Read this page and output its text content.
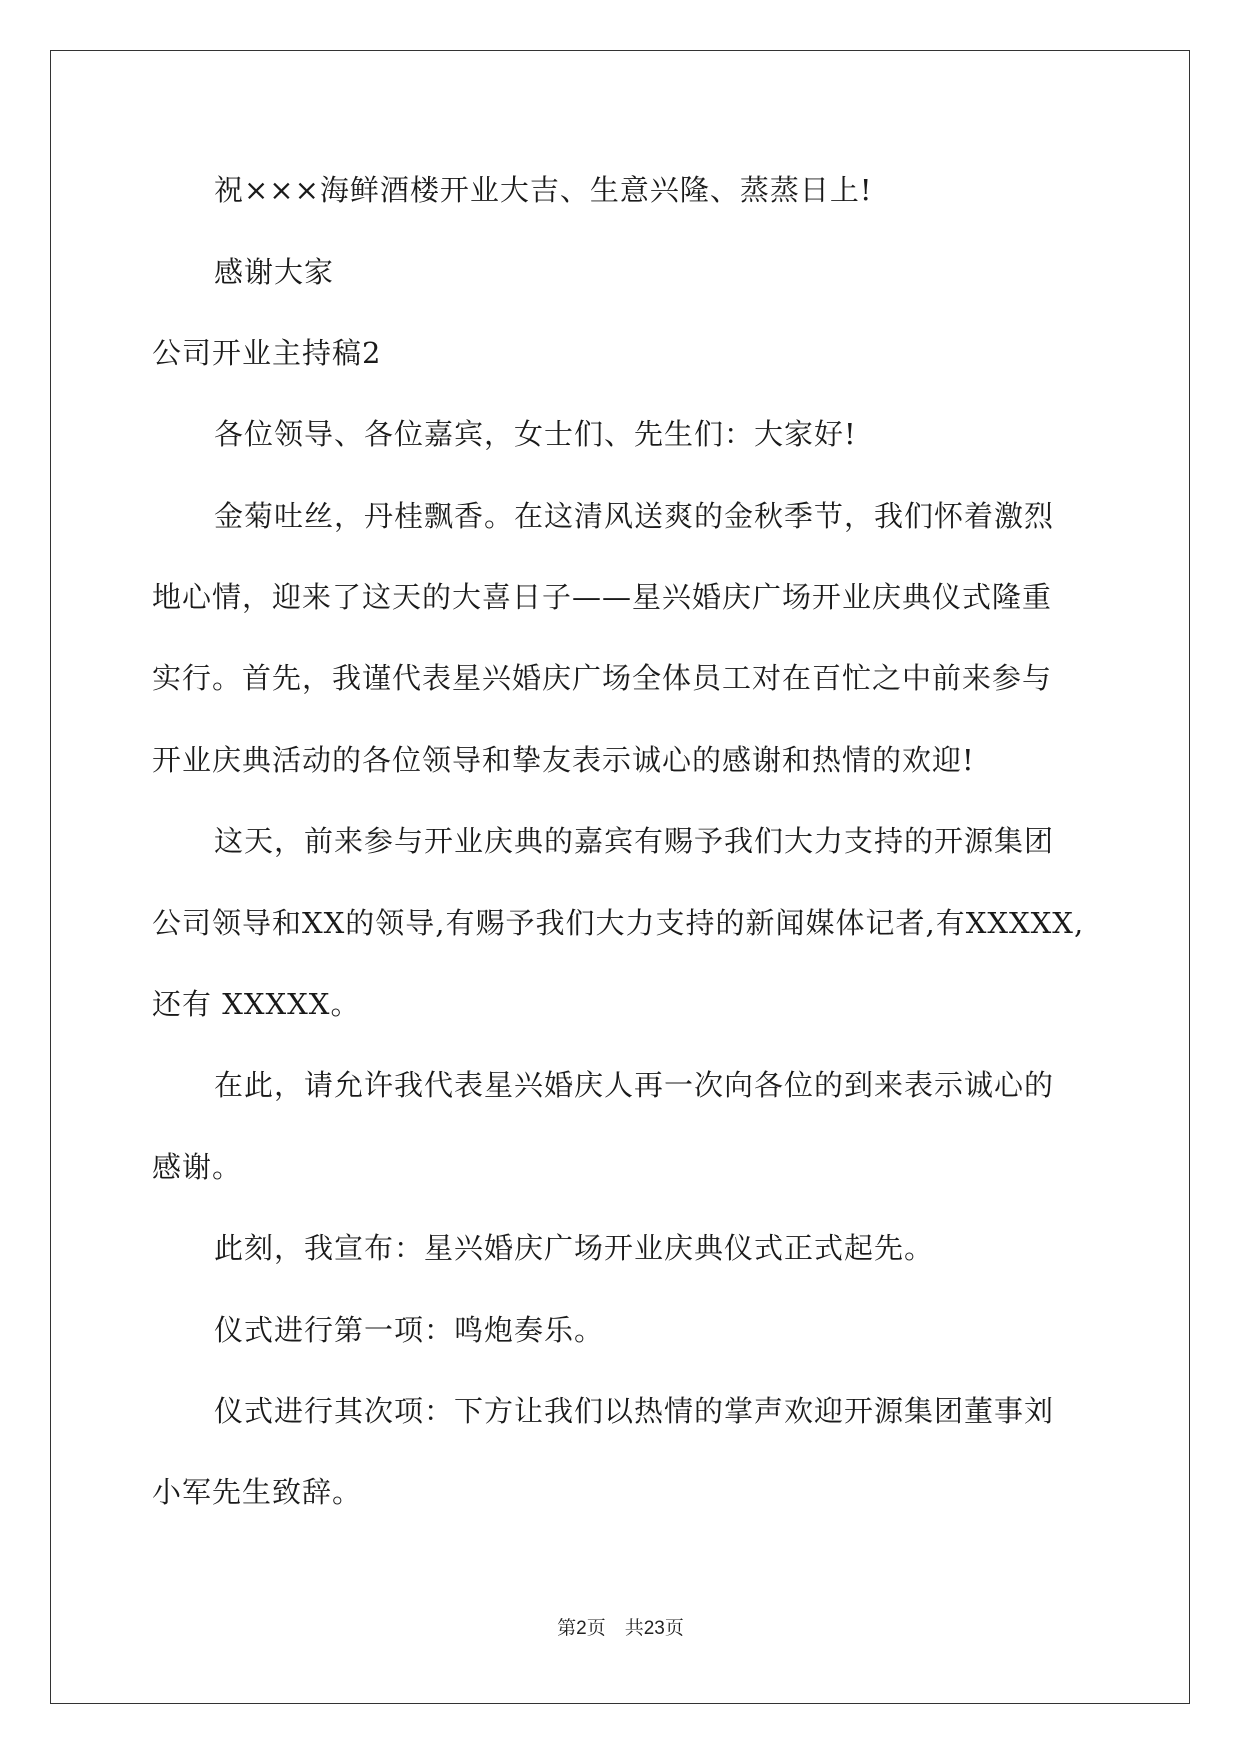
祝×××海鲜酒楼开业大吉、生意兴隆、蒸蒸日上!
感谢大家
公司开业主持稿2
各位领导、各位嘉宾，女士们、先生们：大家好!
金菊吐丝，丹桂飘香。在这清风送爽的金秋季节，我们怀着激烈
地心情，迎来了这天的大喜日子——星兴婚庆广场开业庆典仪式隆重
实行。首先，我谨代表星兴婚庆广场全体员工对在百忙之中前来参与
开业庆典活动的各位领导和挚友表示诚心的感谢和热情的欢迎!
这天，前来参与开业庆典的嘉宾有赐予我们大力支持的开源集团
公司领导和XX的领导,有赐予我们大力支持的新闻媒体记者,有XXXXX,
还有 XXXXX。
在此，请允许我代表星兴婚庆人再一次向各位的到来表示诚心的
感谢。
此刻，我宣布：星兴婚庆广场开业庆典仪式正式起先。
仪式进行第一项：鸣炮奏乐。
仪式进行其次项：下方让我们以热情的掌声欢迎开源集团董事刘
小军先生致辞。
第2页　共23页
